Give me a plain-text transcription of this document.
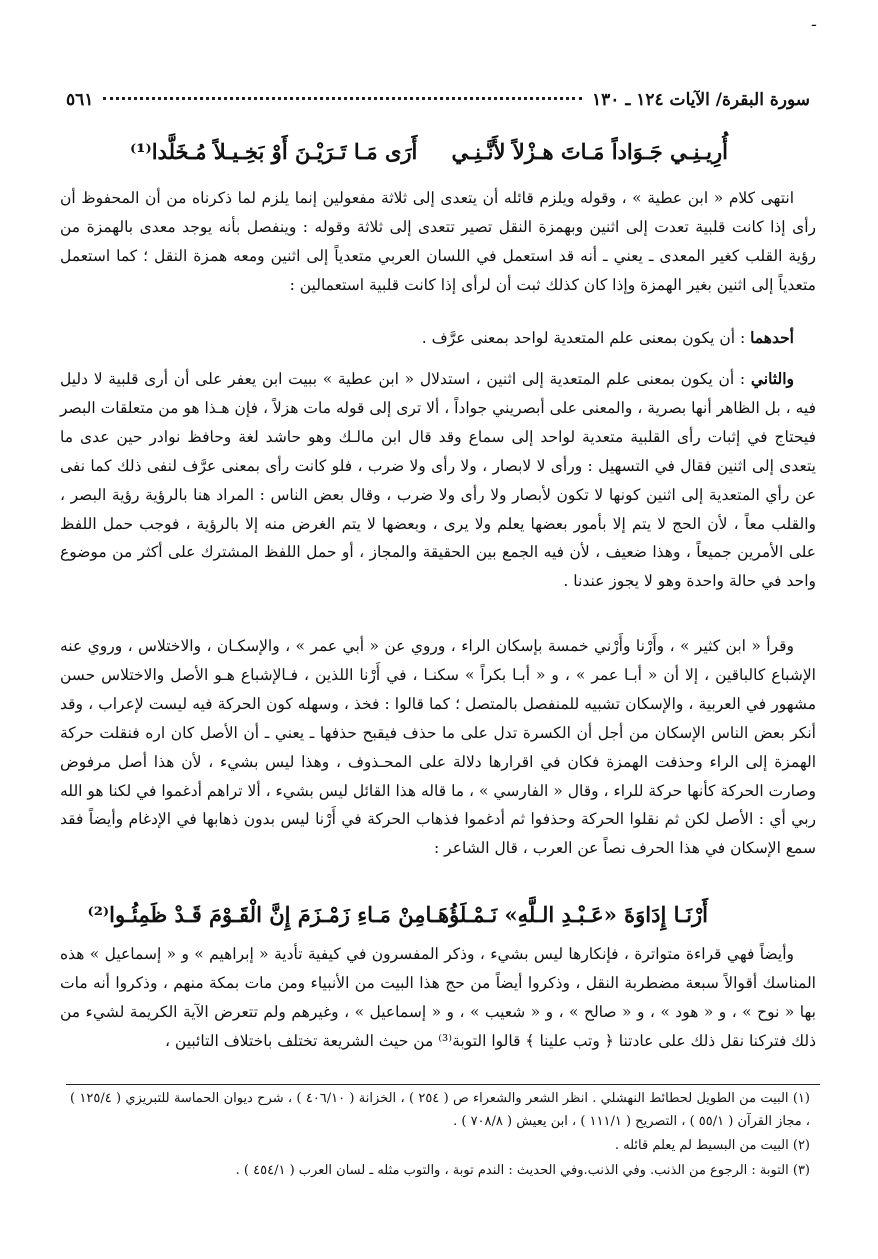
ـ
سورة البقرة/ الآيات ١٢٤ ـ ١٣٠
٥٦١
أُرِيـنِـي جَـوَاداً مَـاتَ هـزْلاً لأَنَّـنِـي
أَرَى مَـا تَـرَيْـنَ أَوْ بَخِـيـلاً مُـخَلَّدا⁽¹⁾

انتهى كلام « ابن عطية » ، وقوله ويلزم قائله أن يتعدى إلى ثلاثة مفعولين إنما يلزم لما ذكرناه من أن المحفوظ أن رأى إذا كانت قلبية تعدت إلى اثنين وبهمزة النقل تصير تتعدى إلى ثلاثة وقوله : وينفصل بأنه يوجد معدى بالهمزة من رؤية القلب كغير المعدى ـ يعني ـ أنه قد استعمل في اللسان العربي متعدياً إلى اثنين ومعه همزة النقل ؛ كما استعمل متعدياً إلى اثنين بغير الهمزة وإذا كان كذلك ثبت أن لرأى إذا كانت قلبية استعمالين :

أحدهما : أن يكون بمعنى علم المتعدية لواحد بمعنى عرَّف .

والثاني : أن يكون بمعنى علم المتعدية إلى اثنين ، استدلال « ابن عطية » ببيت ابن يعفر على أن أرى قلبية لا دليل فيه ، بل الظاهر أنها بصرية ، والمعنى على أبصريني جواداً ، ألا ترى إلى قوله مات هزلاً ، فإن هـذا هو من متعلقات البصر فيحتاج في إثبات رأى القلبية متعدية لواحد إلى سماع وقد قال ابن مالـك وهو حاشد لغة وحافظ نوادر حين عدى ما يتعدى إلى اثنين فقال في التسهيل : ورأى لا لابصار ، ولا رأى ولا ضرب ، فلو كانت رأى بمعنى عرَّف لنفى ذلك كما نفى عن رأي المتعدية إلى اثنين كونها لا تكون لأبصار ولا رأى ولا ضرب ، وقال بعض الناس : المراد هنا بالرؤية رؤية البصر ، والقلب معاً ، لأن الحج لا يتم إلا بأمور بعضها يعلم ولا يرى ، وبعضها لا يتم الغرض منه إلا بالرؤية ، فوجب حمل اللفظ على الأمرين جميعاً ، وهذا ضعيف ، لأن فيه الجمع بين الحقيقة والمجاز ، أو حمل اللفظ المشترك على أكثر من موضوع واحد في حالة واحدة وهو لا يجوز عندنا .

وقرأ « ابن كثير » ، وأَرْنا وأَرْني خمسة بإسكان الراء ، وروي عن « أبي عمر » ، والإسكـان ، والاختلاس ، وروي عنه الإشباع كالباقين ، إلا أن « أبـا عمر » ، و « أبـا بكراً » سكنـا ، في أَرْنا اللذين ، فـالإشباع هـو الأصل والاختلاس حسن مشهور في العربية ، والإسكان تشبيه للمنفصل بالمتصل ؛ كما قالوا : فخذ ، وسهله كون الحركة فيه ليست لإعراب ، وقد أنكر بعض الناس الإسكان من أجل أن الكسرة تدل على ما حذف فيقبح حذفها ـ يعني ـ أن الأصل كان اره فنقلت حركة الهمزة إلى الراء وحذفت الهمزة فكان في اقرارها دلالة على المحـذوف ، وهذا ليس بشيء ، لأن هذا أصل مرفوض وصارت الحركة كأنها حركة للراء ، وقال « الفارسي » ، ما قاله هذا القائل ليس بشيء ، ألا تراهم أدغموا في لكنا هو الله ربي أي : الأصل لكن ثم نقلوا الحركة وحذفوا ثم أدغموا فذهاب الحركة في أَرْنا ليس بدون ذهابها في الإدغام وأيضاً فقد سمع الإسكان في هذا الحرف نصاً عن العرب ، قال الشاعر :

أَرْنَـا إِدَاوَةَ «عَـبْـدِ الـلَّهِ» نَـمْـلَؤُهَـا
مِنْ مَـاءِ زَمْـزَمَ إِنَّ الْقَـوْمَ قَـدْ ظَمِئُـوا⁽²⁾

وأيضاً فهي قراءة متواترة ، فإنكارها ليس بشيء ، وذكر المفسرون في كيفية تأدية « إبراهيم » و « إسماعيل » هذه المناسك أقوالاً سبعة مضطربة النقل ، وذكروا أيضاً من حج هذا البيت من الأنبياء ومن مات بمكة منهم ، وذكروا أنه مات بها « نوح » ، و « هود » ، و « صالح » ، و « شعيب » ، و « إسماعيل » ، وغيرهم ولم تتعرض الآية الكريمة لشيء من ذلك فتركنا نقل ذلك على عادتنا ﴿ وتب علينا ﴾ قالوا التوبة⁽³⁾ من حيث الشريعة تختلف باختلاف التائبين ،

(١) البيت من الطويل لحطائط النهشلي . انظر الشعر والشعراء ص ( ٢٥٤ ) ، الخزانة ( ٤٠٦/١٠ ) ، شرح ديوان الحماسة للتبريزي ( ١٢٥/٤ ) ، مجاز القرآن ( ٥٥/١ ) ، التصريح ( ١١١/١ ) ، ابن يعيش ( ٧٠٨/٨ ) .
(٢) البيت من البسيط لم يعلم قائله .
(٣) التوبة : الرجوع من الذنب. وفي الذنب.وفي الحديث : الندم توبة ، والتوب مثله ـ لسان العرب ( ٤٥٤/١ ) .
